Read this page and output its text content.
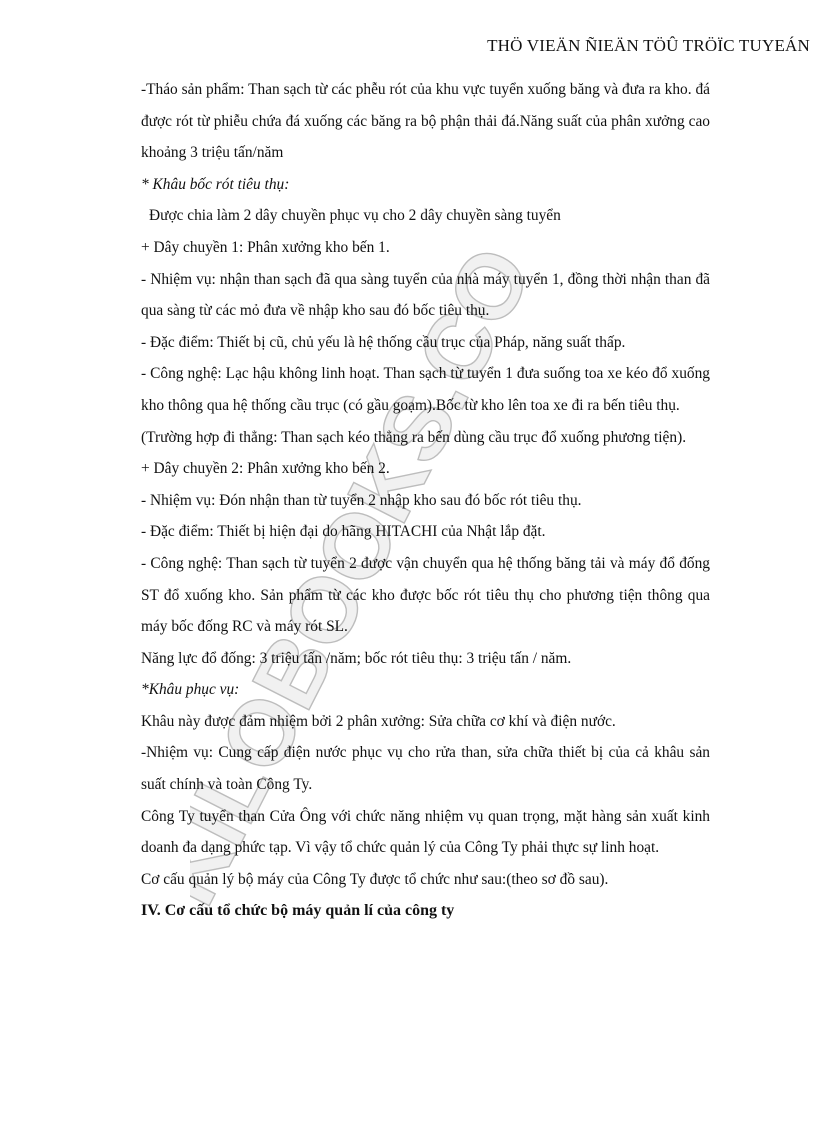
THÖ VIEÄN ÑIEÄN TÖÛ TRÖÏC TUYEÁN
KILOBOOKS.CO

-Tháo sản phẩm: Than sạch từ các phễu rót của khu vực tuyển xuống băng và đưa ra kho. đá được rót từ phiễu chứa đá xuống các băng ra bộ phận thải đá.Năng suất của phân xưởng cao khoảng 3 triệu tấn/năm

* Khâu bốc rót tiêu thụ:

Được chia làm 2 dây chuyền phục vụ cho 2 dây chuyền sàng tuyển

+ Dây chuyền 1: Phân xưởng kho bến 1.

- Nhiệm vụ: nhận than sạch đã qua sàng tuyển của nhà máy tuyển 1, đồng thời nhận than đã qua sàng từ các mỏ đưa về nhập kho sau đó bốc tiêu thụ.

- Đặc điểm: Thiết bị cũ, chủ yếu là hệ thống cầu trục của Pháp, năng suất thấp.

- Công nghệ: Lạc hậu không linh hoạt. Than sạch từ tuyển 1 đưa suống toa xe kéo đổ xuống kho thông qua hệ thống cầu trục (có gầu goạm).Bốc từ kho lên toa xe đi ra bến tiêu thụ.

(Trường hợp đi thẳng: Than sạch kéo thẳng ra bến dùng cầu trục đổ xuống phương tiện).

+ Dây chuyền 2: Phân xưởng kho bến 2.

- Nhiệm vụ: Đón nhận than từ tuyển 2 nhập kho sau đó bốc rót tiêu thụ.

- Đặc điểm: Thiết bị hiện đại do hãng HITACHI của Nhật lắp đặt.

- Công nghệ: Than sạch từ tuyển 2 được vận chuyển qua hệ thống băng tải và máy đổ đống ST đổ xuống kho. Sản phẩm từ các kho được bốc rót tiêu thụ cho phương tiện thông qua máy bốc đống RC và máy rót SL.

Năng lực đổ đống: 3 triệu tấn /năm; bốc rót tiêu thụ: 3 triệu tấn / năm.

*Khâu phục vụ:

Khâu này được đảm nhiệm bởi 2 phân xưởng: Sửa chữa cơ khí và điện nước.

-Nhiệm vụ: Cung cấp điện nước phục vụ cho rửa than, sửa chữa thiết bị của cả khâu sản suất chính và toàn Công Ty.

Công Ty tuyển than Cửa Ông với chức năng nhiệm vụ quan trọng, mặt hàng sản xuất kinh doanh đa dạng phức tạp. Vì vậy tổ chức quản lý của Công Ty phải thực sự linh hoạt.

Cơ cấu quản lý bộ máy của Công Ty được tổ chức như sau:(theo sơ đồ sau).

IV. Cơ cấu tổ chức bộ máy quản lí của công ty
